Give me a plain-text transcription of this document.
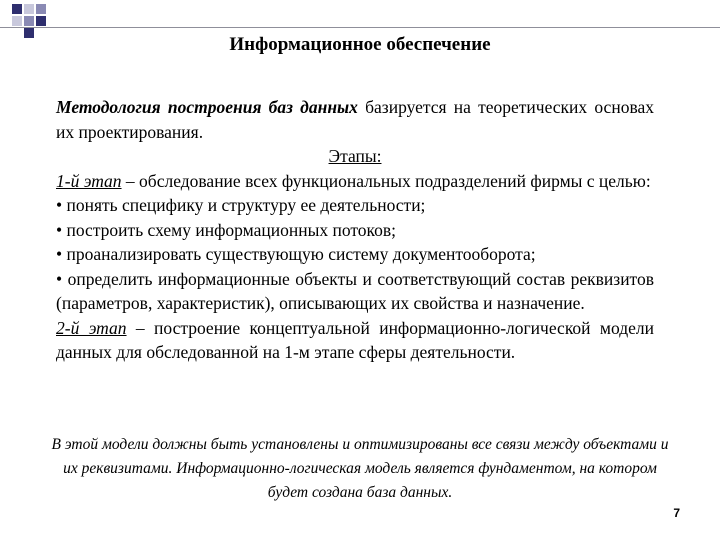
Информационное обеспечение
Методология построения баз данных базируется на теоретических основах их проектирования.
Этапы:
1-й этап – обследование всех функциональных подразделений фирмы с целью:
• понять специфику и структуру ее деятельности;
• построить схему информационных потоков;
• проанализировать существующую систему документооборота;
• определить информационные объекты и соответствующий состав реквизитов (параметров, характеристик), описывающих их свойства и назначение.
2-й этап – построение концептуальной информационно-логической модели данных для обследованной на 1-м этапе сферы деятельности.

В этой модели должны быть установлены и оптимизированы все связи между объектами и их реквизитами. Информационно-логическая модель является фундаментом, на котором будет создана база данных.

7
